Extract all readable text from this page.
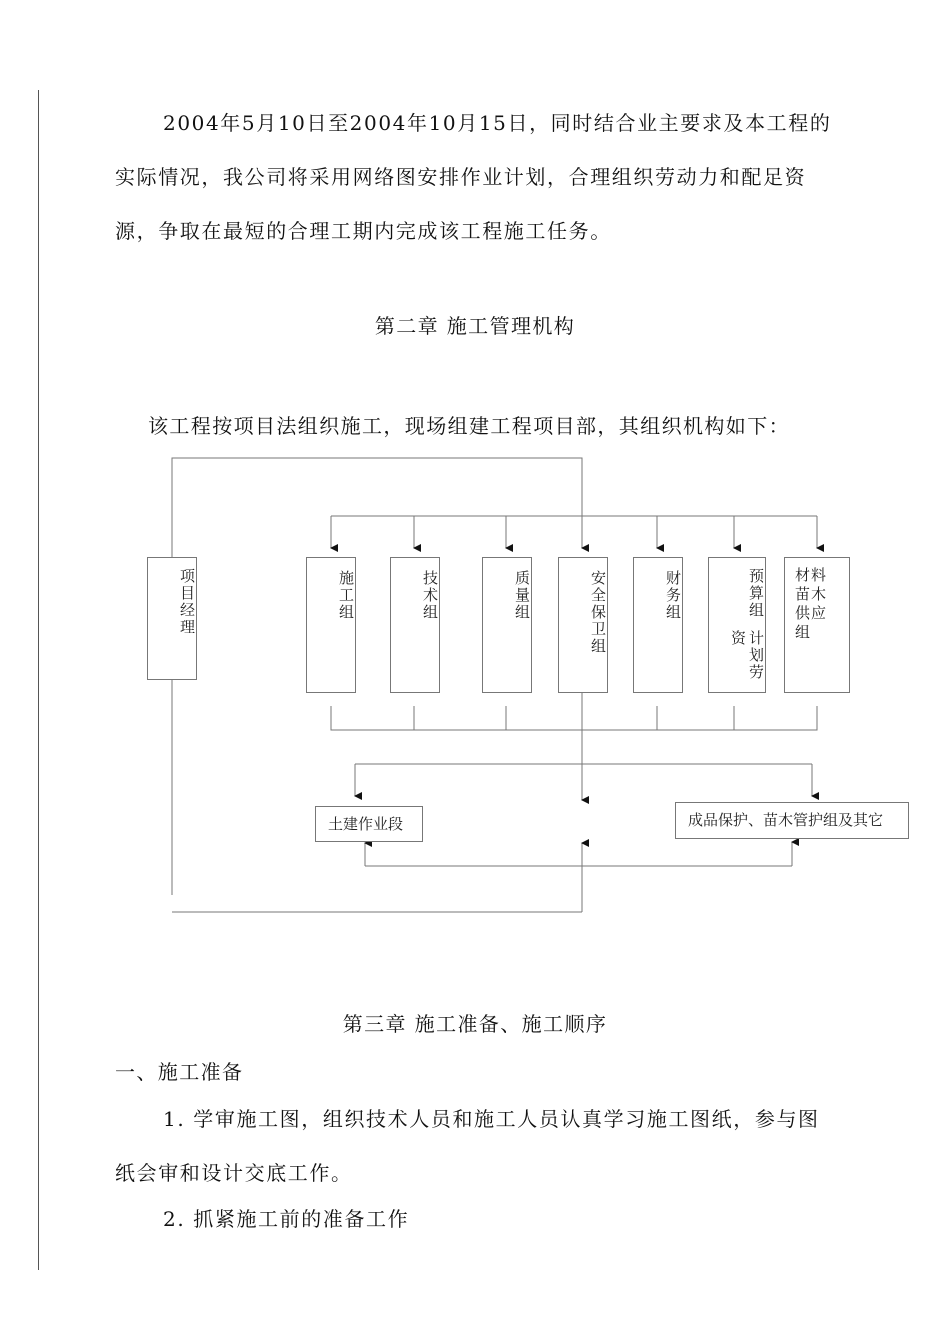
2004年5月10日至2004年10月15日，同时结合业主要求及本工程的实际情况，我公司将采用网络图安排作业计划，合理组织劳动力和配足资源，争取在最短的合理工期内完成该工程施工任务。

第二章 施工管理机构

该工程按项目法组织施工，现场组建工程项目部，其组织机构如下：

项目经理	施工组	技术组	质量组	安全保卫组	财务组	预算组
计划劳资
材料苗木供应组
土建作业段	成品保护、苗木管护组及其它

第三章 施工准备、施工顺序

一、施工准备

1. 学审施工图，组织技术人员和施工人员认真学习施工图纸，参与图纸会审和设计交底工作。

2. 抓紧施工前的准备工作
